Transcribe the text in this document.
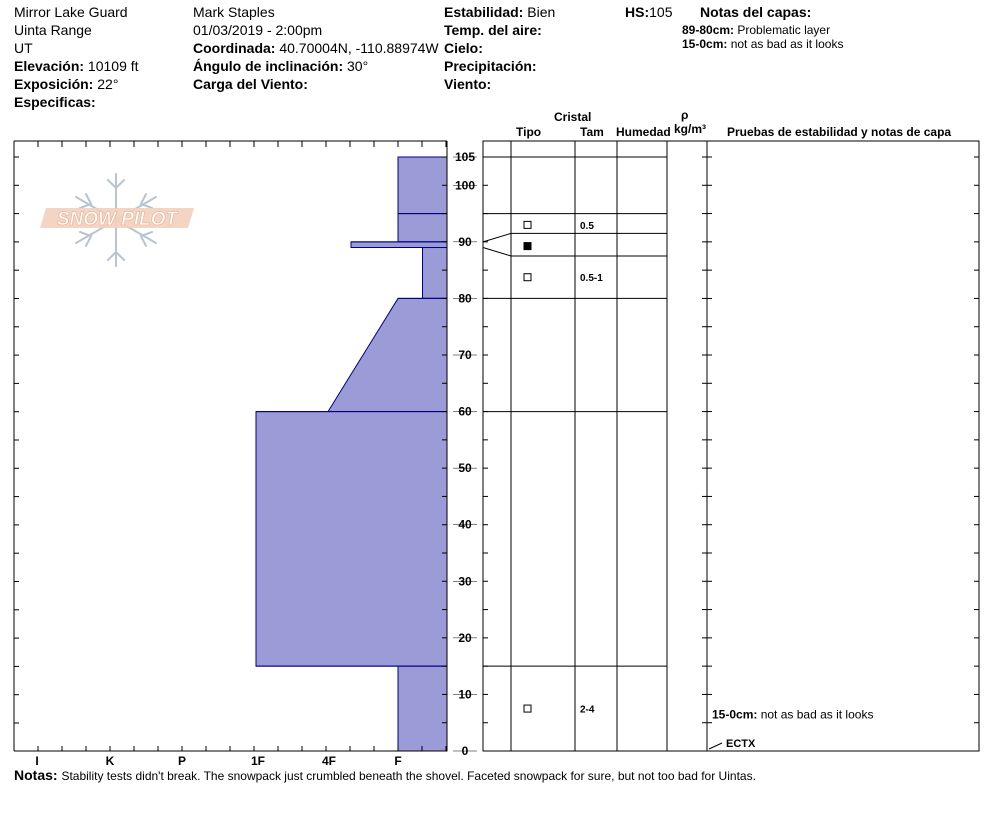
Mirror Lake Guard
Uinta Range
UT
Elevación: 10109 ft
Exposición: 22°
Especificas:
Mark Staples
01/03/2019 - 2:00pm
Coordinada: 40.70004N, -110.88974W
Ángulo de inclinación: 30°
Carga del Viento:
Estabilidad: Bien
Temp. del aire:
Cielo:
Precipitación:
Viento:
HS:105 Notas del capas:
89-80cm: Problematic layer
15-0cm: not as bad as it looks
Cristal
Tipo	Tam Humedad
ρ
kg/m³ Pruebas de estabilidad y notas de capa
105
100
90
80
70
60
50
40
30
20
10
0
I	K	P	1F	4F	F
0.5
0.5-1
2-4	15-0cm: not as bad as it looks
ECTX
SNOW PILOT
Notas: Stability tests didn't break. The snowpack just crumbled beneath the shovel. Faceted snowpack for sure, but not too bad for Uintas.
